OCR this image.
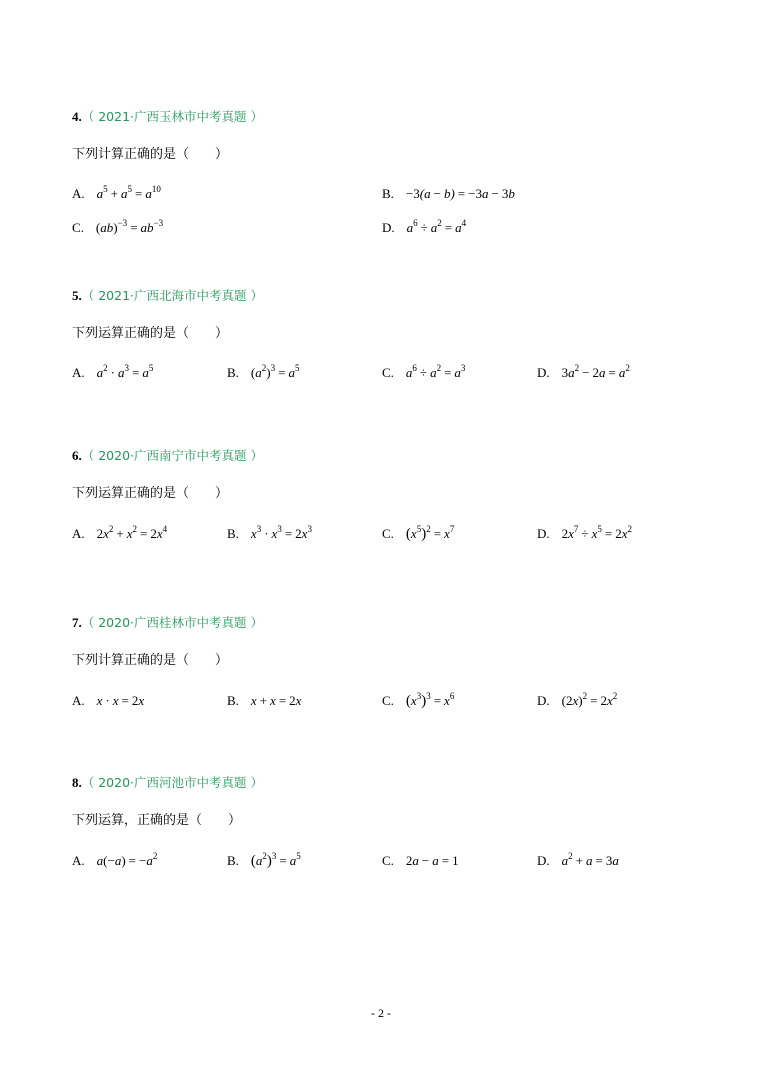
4.（ 2021·广西玉林市中考真题 ）
下列计算正确的是（　　）
A. $a^5 + a^5 = a^{10}$	B. −3(a − b) = −3a − 3b
C. $(ab)^{-3} = ab^{-3}$	D. $a^6 \div a^2 = a^4$
5.（ 2021·广西北海市中考真题 ）
下列运算正确的是（　　）
A. $a^2 \cdot a^3 = a^5$	B. $(a^2)^3 = a^5$	C. $a^6 \div a^2 = a^3$	D. $3a^2 - 2a = a^2$
6.（ 2020·广西南宁市中考真题 ）
下列运算正确的是（　　）
A. $2x^2 + x^2 = 2x^4$	B. $x^3 \cdot x^3 = 2x^3$	C. $(x^5)^2 = x^7$	D. $2x^7 \div x^5 = 2x^2$
7.（ 2020·广西桂林市中考真题 ）
下列计算正确的是（　　）
A. x · x = 2x	B. x + x = 2x	C. $(x^3)^3 = x^6$	D. $(2x)^2 = 2x^2$
8.（ 2020·广西河池市中考真题 ）
下列运算，正确的是（　　）
A. $a(-a) = -a^2$	B. $(a^2)^3 = a^5$	C. 2a − a = 1	D. $a^2 + a = 3a$
- 2 -
